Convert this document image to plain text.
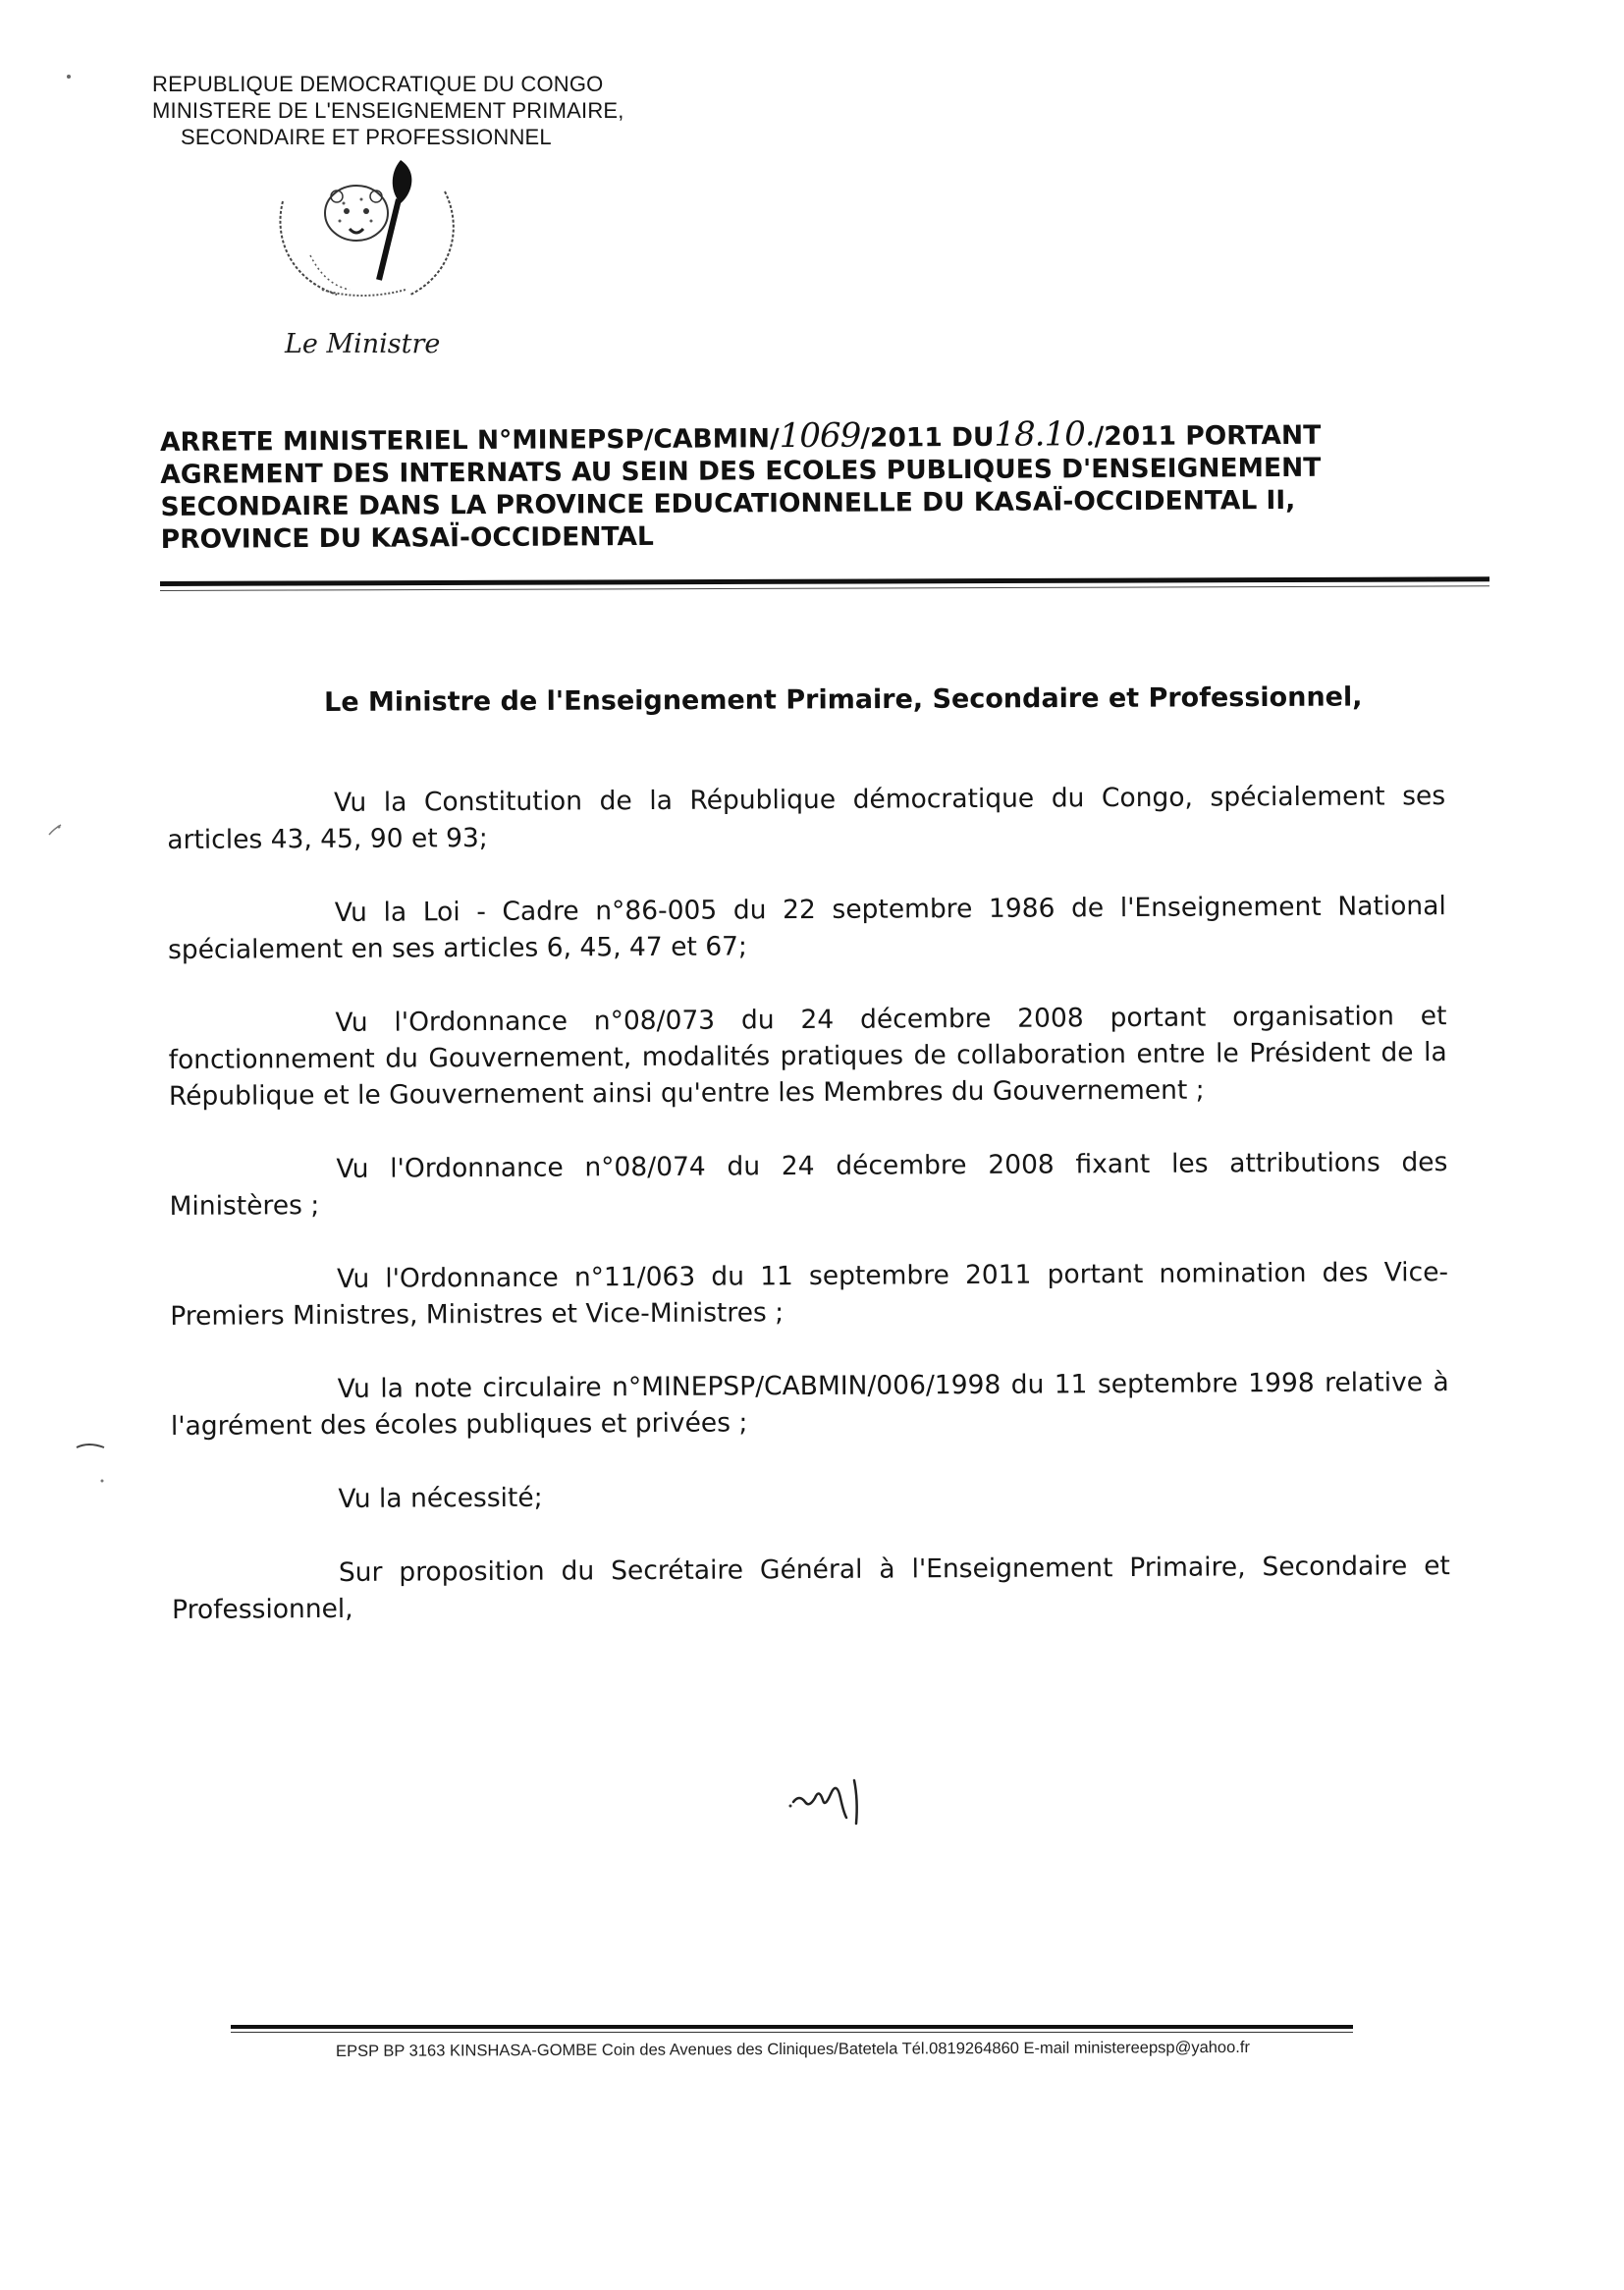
REPUBLIQUE DEMOCRATIQUE DU CONGO
MINISTERE DE L'ENSEIGNEMENT PRIMAIRE,
SECONDAIRE ET PROFESSIONNEL
Le Ministre
ARRETE MINISTERIEL N°MINEPSP/CABMIN/1069/2011 DU18.10./2011 PORTANT
AGREMENT DES INTERNATS AU SEIN DES ECOLES PUBLIQUES D'ENSEIGNEMENT
SECONDAIRE DANS LA PROVINCE EDUCATIONNELLE DU KASAÏ-OCCIDENTAL II,
PROVINCE DU KASAÏ-OCCIDENTAL
Le Ministre de l'Enseignement Primaire, Secondaire et Professionnel,

Vu la Constitution de la République démocratique du Congo, spécialement ses articles 43, 45, 90 et 93;

Vu la Loi - Cadre n°86-005 du 22 septembre 1986 de l'Enseignement National spécialement en ses articles 6, 45, 47 et 67;

Vu l'Ordonnance n°08/073 du 24 décembre 2008 portant organisation et fonctionnement du Gouvernement, modalités pratiques de collaboration entre le Président de la République et le Gouvernement ainsi qu'entre les Membres du Gouvernement ;

Vu l'Ordonnance n°08/074 du 24 décembre 2008 fixant les attributions des Ministères ;

Vu l'Ordonnance n°11/063 du 11 septembre 2011 portant nomination des Vice-Premiers Ministres, Ministres et Vice-Ministres ;

Vu la note circulaire n°MINEPSP/CABMIN/006/1998 du 11 septembre 1998 relative à l'agrément des écoles publiques et privées ;

Vu la nécessité;

Sur proposition du Secrétaire Général à l'Enseignement Primaire, Secondaire et Professionnel,

EPSP BP 3163 KINSHASA-GOMBE Coin des Avenues des Cliniques/Batetela Tél.0819264860 E-mail ministereepsp@yahoo.fr
